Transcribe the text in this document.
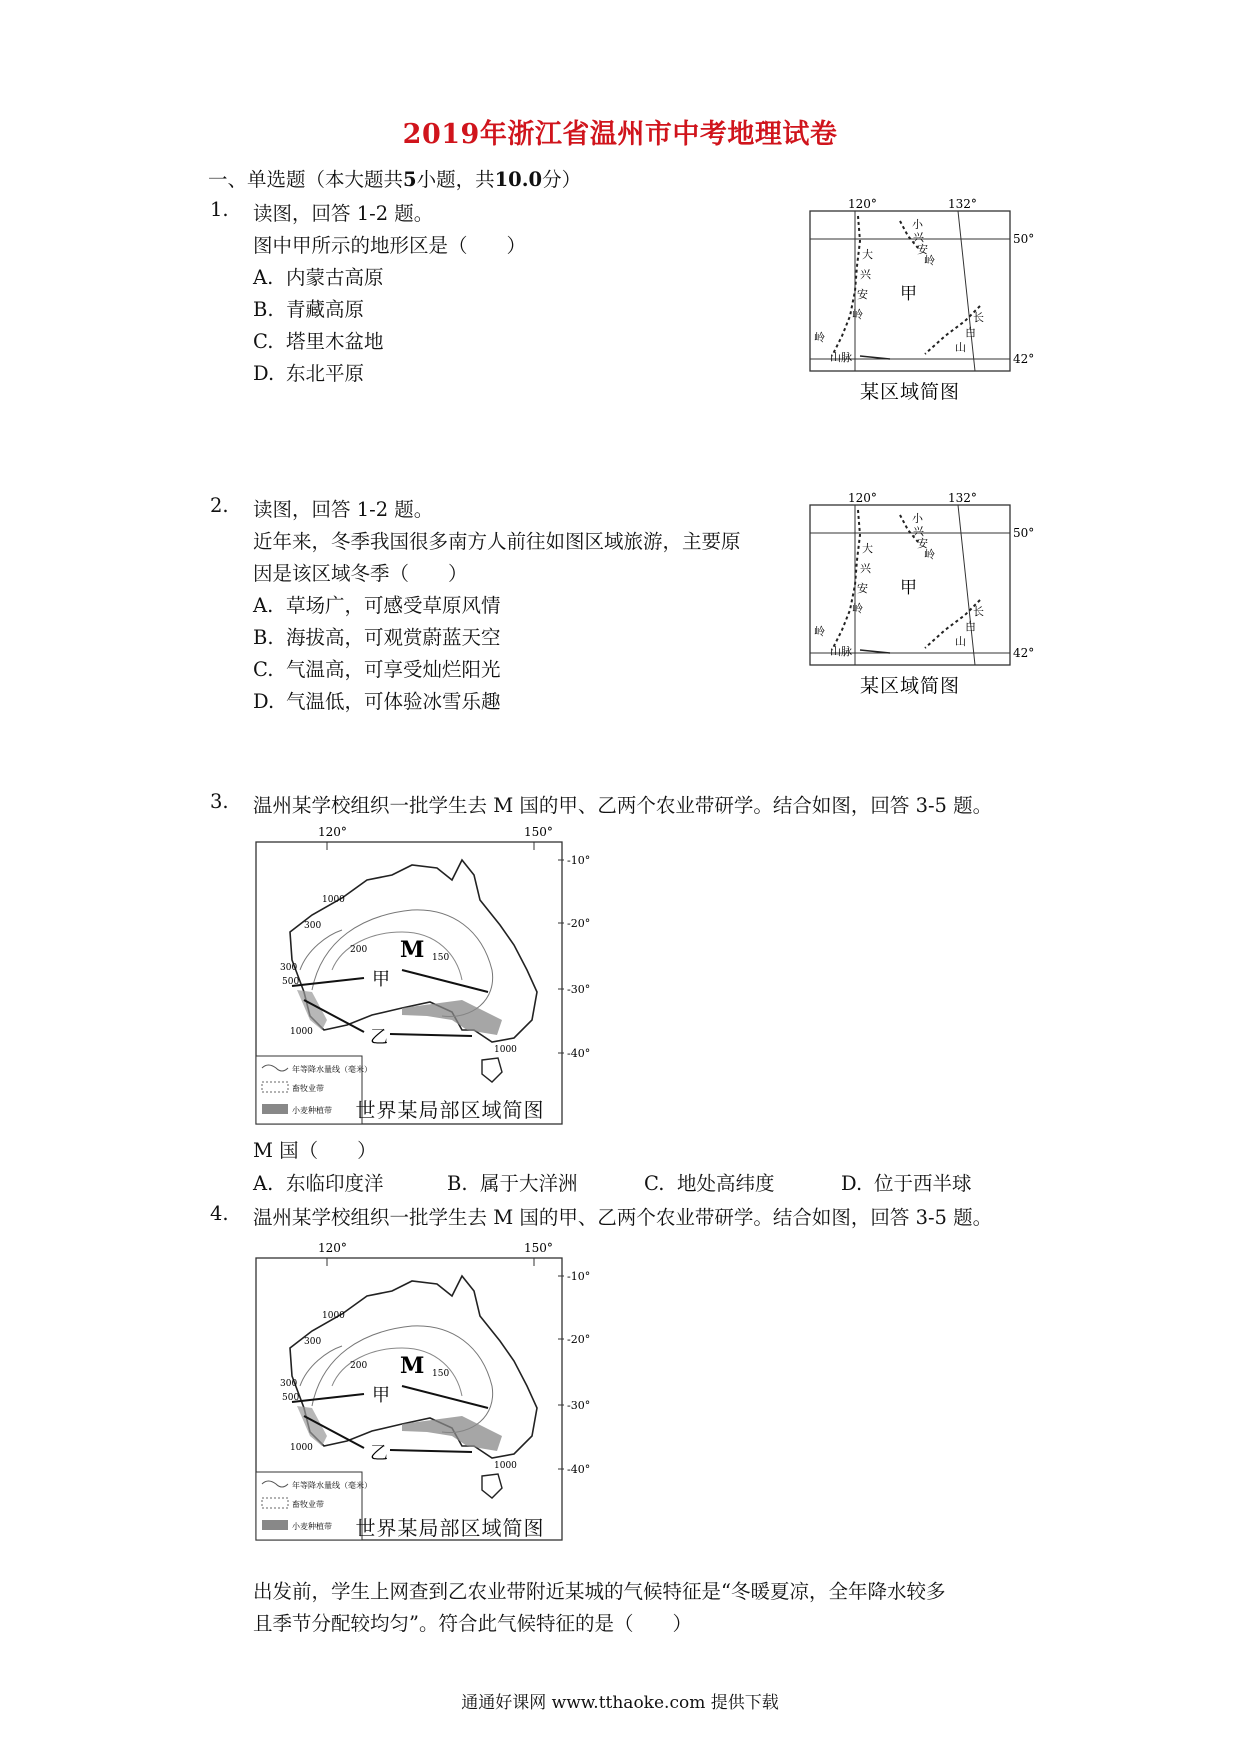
2019年浙江省温州市中考地理试卷
一、单选题（本大题共5小题，共10.0分）
1. 读图，回答 1-2 题。
图中甲所示的地形区是（　　）
A. 内蒙古高原
B. 青藏高原
C. 塔里木盆地
D. 东北平原
120°	132°
50°
42°
甲
山脉
小
兴
安
岭
长
白
山
大
兴
安
岭
岭
某区域简图
2. 读图，回答 1-2 题。
近年来，冬季我国很多南方人前往如图区域旅游，主要原
因是该区域冬季（　　）
A. 草场广，可感受草原风情
B. 海拔高，可观赏蔚蓝天空
C. 气温高，可享受灿烂阳光
D. 气温低，可体验冰雪乐趣
120°	132°
50°
42°
甲
山脉
小
兴
安
岭
长
白
山
大
兴
安
岭
岭
某区域简图
3. 温州某学校组织一批学生去 M 国的甲、乙两个农业带研学。结合如图，回答 3-5 题。
120°	150°
-10°
-20°
-30°
-40°
M
甲
乙
1000
300
200
150
300
500
1000
1000
年等降水量线（毫米）
畜牧业带
小麦种植带	世界某局部区域简图
M 国（　　）
A. 东临印度洋	B. 属于大洋洲	C. 地处高纬度	D. 位于西半球
4. 温州某学校组织一批学生去 M 国的甲、乙两个农业带研学。结合如图，回答 3-5 题。
120°	150°
-10°
-20°
-30°
-40°
M
甲
乙
1000
300
200
150
300
500
1000
1000
年等降水量线（毫米）
畜牧业带
小麦种植带	世界某局部区域简图
出发前，学生上网查到乙农业带附近某城的气候特征是“冬暖夏凉，全年降水较多
且季节分配较均匀”。符合此气候特征的是（　　）
通通好课网 www.tthaoke.com 提供下载
